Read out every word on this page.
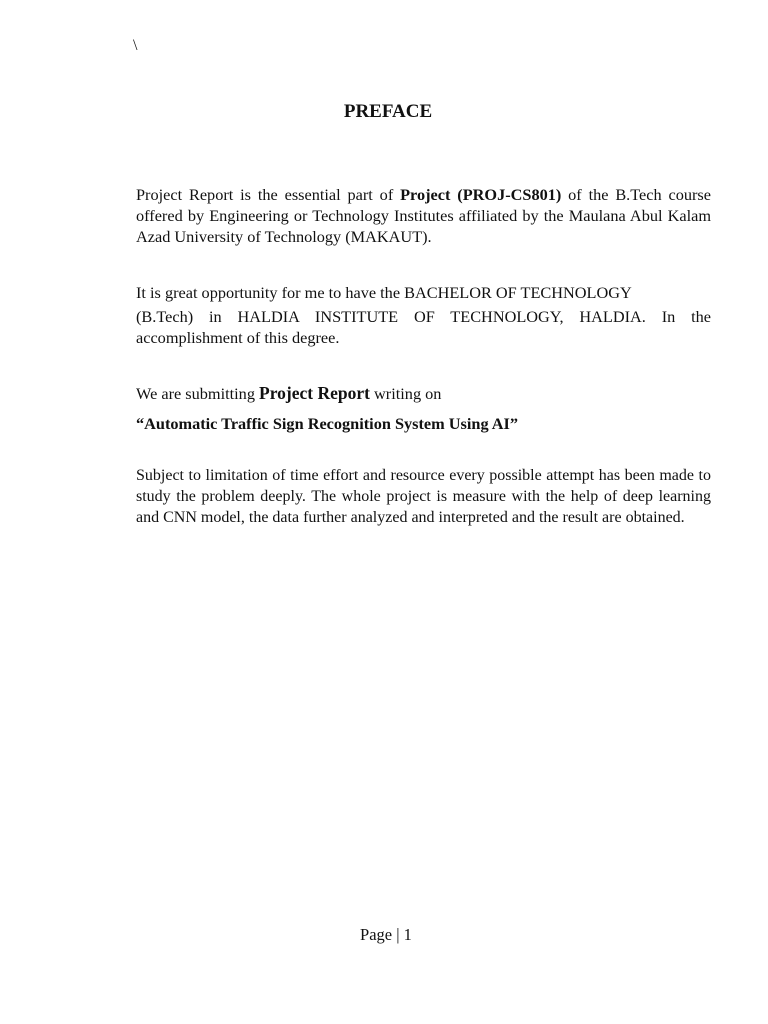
\
PREFACE

Project Report is the essential part of Project (PROJ-CS801) of the B.Tech course offered by Engineering or Technology Institutes affiliated by the Maulana Abul Kalam Azad University of Technology (MAKAUT).

It is great opportunity for me to have the BACHELOR OF TECHNOLOGY
(B.Tech) in HALDIA INSTITUTE OF TECHNOLOGY, HALDIA. In the accomplishment of this degree.

We are submitting Project Report writing on

“Automatic Traffic Sign Recognition System Using AI”

Subject to limitation of time effort and resource every possible attempt has been made to study the problem deeply. The whole project is measure with the help of deep learning and CNN model, the data further analyzed and interpreted and the result are obtained.

Page | 1
